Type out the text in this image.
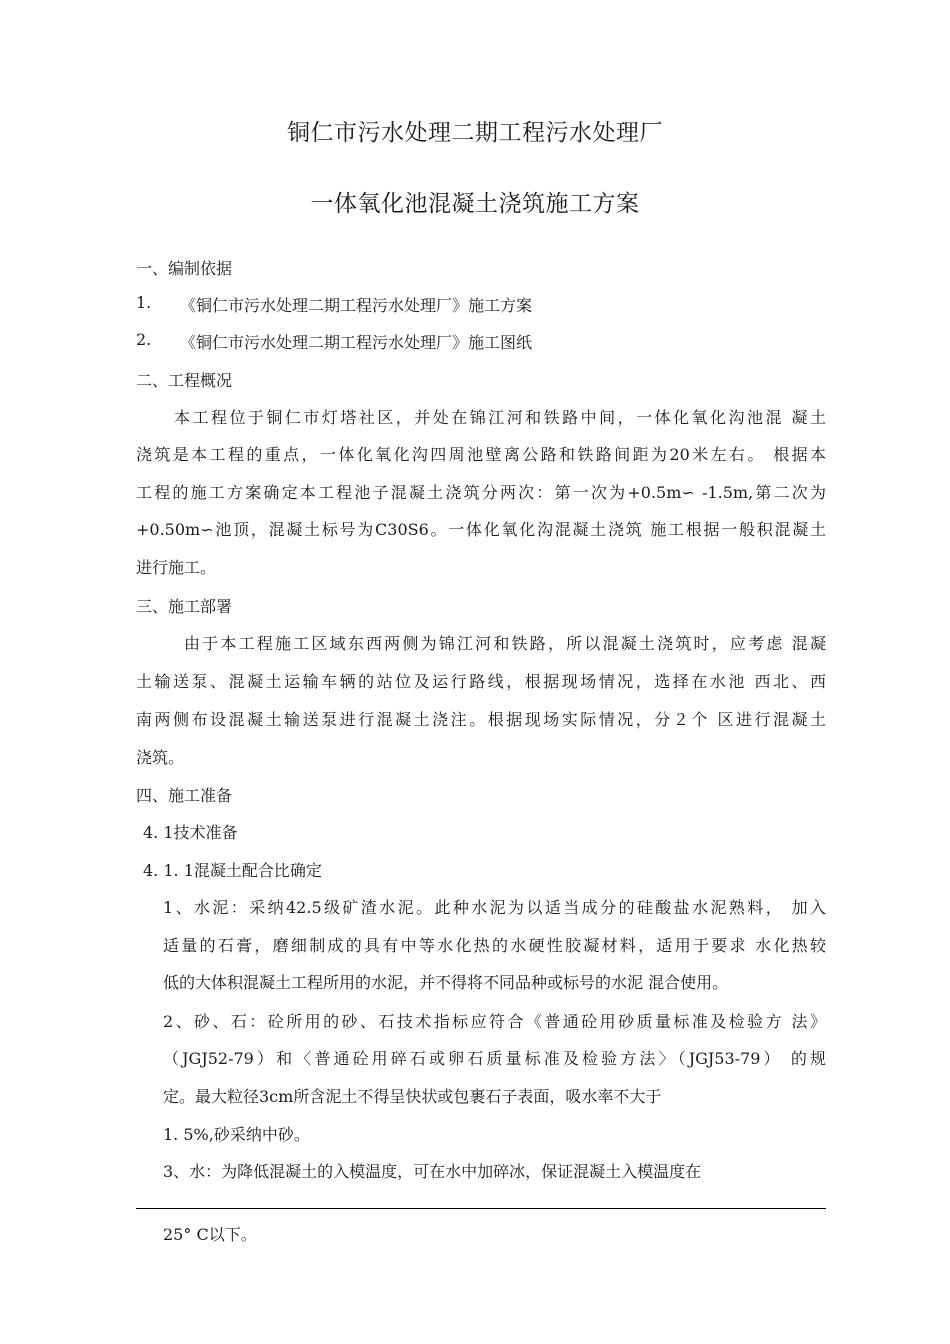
铜仁市污水处理二期工程污水处理厂
一体氧化池混凝土浇筑施工方案
一、编制依据
1. 《铜仁市污水处理二期工程污水处理厂》施工方案
2. 《铜仁市污水处理二期工程污水处理厂》施工图纸
二、工程概况
本工程位于铜仁市灯塔社区，并处在锦江河和铁路中间，一体化氧化沟池混 凝土
浇筑是本工程的重点，一体化氧化沟四周池壁离公路和铁路间距为20米左右。 根据本
工程的施工方案确定本工程池子混凝土浇筑分两次：第一次为+0.5m∽ -1.5m,第二次为
+0.50m∽池顶，混凝土标号为C30S6。一体化氧化沟混凝土浇筑 施工根据一般积混凝土
进行施工。
三、施工部署
由于本工程施工区域东西两侧为锦江河和铁路，所以混凝土浇筑时，应考虑 混凝
土输送泵、混凝土运输车辆的站位及运行路线，根据现场情况，选择在水池 西北、西
南两侧布设混凝土输送泵进行混凝土浇注。根据现场实际情况，分２个 区进行混凝土
浇筑。
四、施工准备
4. 1技术准备
4. 1. 1混凝土配合比确定
1、水泥：采纳42.5级矿渣水泥。此种水泥为以适当成分的硅酸盐水泥熟料， 加入
适量的石膏，磨细制成的具有中等水化热的水硬性胶凝材料，适用于要求 水化热较
低的大体积混凝土工程所用的水泥，并不得将不同品种或标号的水泥 混合使用。
2、砂、石：砼所用的砂、石技术指标应符合《普通砼用砂质量标准及检验方 法》
（JGJ52-79）和〈普通砼用碎石或卵石质量标准及检验方法〉（JGJ53-79） 的规
定。最大粒径3cm所含泥土不得呈快状或包裹石子表面，吸水率不大于
1. 5%,砂采纳中砂。
3、水：为降低混凝土的入模温度，可在水中加碎冰，保证混凝土入模温度在
25° C以下。
